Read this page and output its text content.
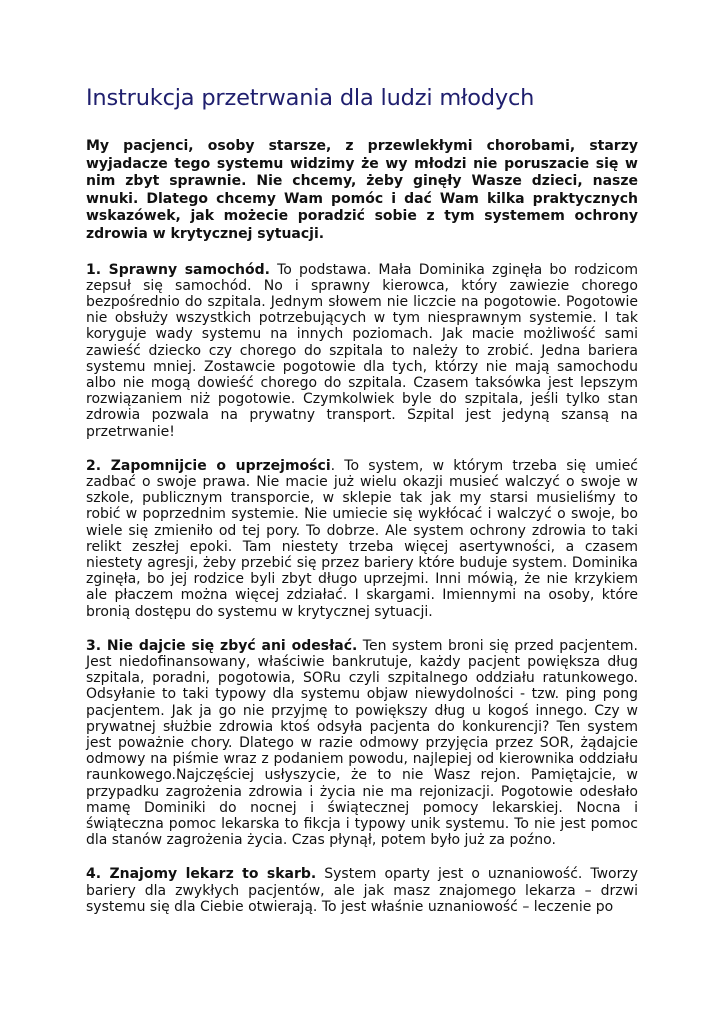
Instrukcja przetrwania dla ludzi młodych

My pacjenci, osoby starsze, z przewlekłymi chorobami, starzy wyjadacze tego systemu widzimy że wy młodzi nie poruszacie się w nim zbyt sprawnie. Nie chcemy, żeby ginęły Wasze dzieci, nasze wnuki. Dlatego chcemy Wam pomóc i dać Wam kilka praktycznych wskazówek, jak możecie poradzić sobie z tym systemem ochrony zdrowia w krytycznej sytuacji.

1. Sprawny samochód. To podstawa. Mała Dominika zginęła bo rodzicom zepsuł się samochód. No i sprawny kierowca, który zawiezie chorego bezpośrednio do szpitala. Jednym słowem nie liczcie na pogotowie. Pogotowie nie obsłuży wszystkich potrzebujących w tym niesprawnym systemie. I tak koryguje wady systemu na innych poziomach. Jak macie możliwość sami zawieść dziecko czy chorego do szpitala to należy to zrobić. Jedna bariera systemu mniej. Zostawcie pogotowie dla tych, którzy nie mają samochodu albo nie mogą dowieść chorego do szpitala. Czasem taksówka jest lepszym rozwiązaniem niż pogotowie. Czymkolwiek byle do szpitala, jeśli tylko stan zdrowia pozwala na prywatny transport. Szpital jest jedyną szansą na przetrwanie!

2. Zapomnijcie o uprzejmości. To system, w którym trzeba się umieć zadbać o swoje prawa. Nie macie już wielu okazji musieć walczyć o swoje w szkole, publicznym transporcie, w sklepie tak jak my starsi musieliśmy to robić w poprzednim systemie. Nie umiecie się wykłócać i walczyć o swoje, bo wiele się zmieniło od tej pory. To dobrze. Ale system ochrony zdrowia to taki relikt zeszłej epoki. Tam niestety trzeba więcej asertywności, a czasem niestety agresji, żeby przebić się przez bariery które buduje system. Dominika zginęła, bo jej rodzice byli zbyt długo uprzejmi. Inni mówią, że nie krzykiem ale płaczem można więcej zdziałać. I skargami. Imiennymi na osoby, które bronią dostępu do systemu w krytycznej sytuacji.

3. Nie dajcie się zbyć ani odesłać. Ten system broni się przed pacjentem. Jest niedofinansowany, właściwie bankrutuje, każdy pacjent powiększa dług szpitala, poradni, pogotowia, SORu czyli szpitalnego oddziału ratunkowego. Odsyłanie to taki typowy dla systemu objaw niewydolności - tzw. ping pong pacjentem. Jak ja go nie przyjmę to powiększy dług u kogoś innego. Czy w prywatnej służbie zdrowia ktoś odsyła pacjenta do konkurencji? Ten system jest poważnie chory. Dlatego w razie odmowy przyjęcia przez SOR, żądajcie odmowy na piśmie wraz z podaniem powodu, najlepiej od kierownika oddziału raunkowego.Najczęściej usłyszycie, że to nie Wasz rejon. Pamiętajcie, w przypadku zagrożenia zdrowia i życia nie ma rejonizacji. Pogotowie odesłało mamę Dominiki do nocnej i świątecznej pomocy lekarskiej. Nocna i świąteczna pomoc lekarska to fikcja i typowy unik systemu. To nie jest pomoc dla stanów zagrożenia życia. Czas płynął, potem było już za poźno.

4. Znajomy lekarz to skarb. System oparty jest o uznaniowość. Tworzy bariery dla zwykłych pacjentów, ale jak masz znajomego lekarza – drzwi systemu się dla Ciebie otwierają. To jest właśnie uznaniowość – leczenie po
